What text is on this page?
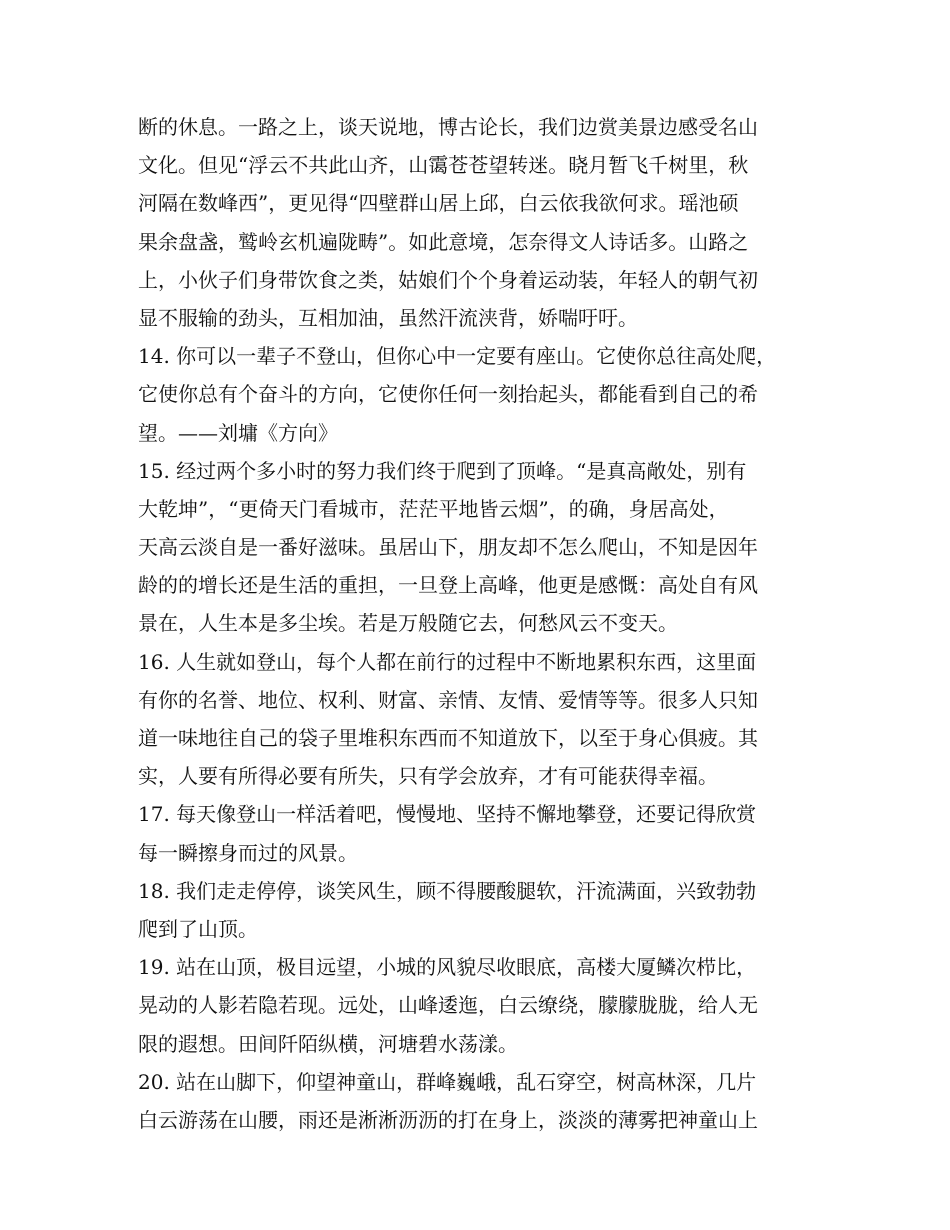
断的休息。一路之上，谈天说地，博古论长，我们边赏美景边感受名山
文化。但见“浮云不共此山齐，山霭苍苍望转迷。晓月暂飞千树里，秋
河隔在数峰西”，更见得“四壁群山居上邱，白云依我欲何求。瑶池硕
果余盘盏，鹫岭玄机遍陇畴”。如此意境，怎奈得文人诗话多。山路之
上，小伙子们身带饮食之类，姑娘们个个身着运动装，年轻人的朝气初
显不服输的劲头，互相加油，虽然汗流浃背，娇喘吁吁。
14. 你可以一辈子不登山，但你心中一定要有座山。它使你总往高处爬，
它使你总有个奋斗的方向，它使你任何一刻抬起头，都能看到自己的希
望。——刘墉《方向》
15. 经过两个多小时的努力我们终于爬到了顶峰。“是真高敞处，别有
大乾坤”，“更倚天门看城市，茫茫平地皆云烟”，的确，身居高处，
天高云淡自是一番好滋味。虽居山下，朋友却不怎么爬山，不知是因年
龄的的增长还是生活的重担，一旦登上高峰，他更是感慨：高处自有风
景在，人生本是多尘埃。若是万般随它去，何愁风云不变天。
16. 人生就如登山，每个人都在前行的过程中不断地累积东西，这里面
有你的名誉、地位、权利、财富、亲情、友情、爱情等等。很多人只知
道一味地往自己的袋子里堆积东西而不知道放下，以至于身心俱疲。其
实，人要有所得必要有所失，只有学会放弃，才有可能获得幸福。
17. 每天像登山一样活着吧，慢慢地、坚持不懈地攀登，还要记得欣赏
每一瞬擦身而过的风景。
18. 我们走走停停，谈笑风生，顾不得腰酸腿软，汗流满面，兴致勃勃
爬到了山顶。
19. 站在山顶，极目远望，小城的风貌尽收眼底，高楼大厦鳞次栉比，
晃动的人影若隐若现。远处，山峰逶迤，白云缭绕，朦朦胧胧，给人无
限的遐想。田间阡陌纵横，河塘碧水荡漾。
20. 站在山脚下，仰望神童山，群峰巍峨，乱石穿空，树高林深，几片
白云游荡在山腰，雨还是淅淅沥沥的打在身上，淡淡的薄雾把神童山上
